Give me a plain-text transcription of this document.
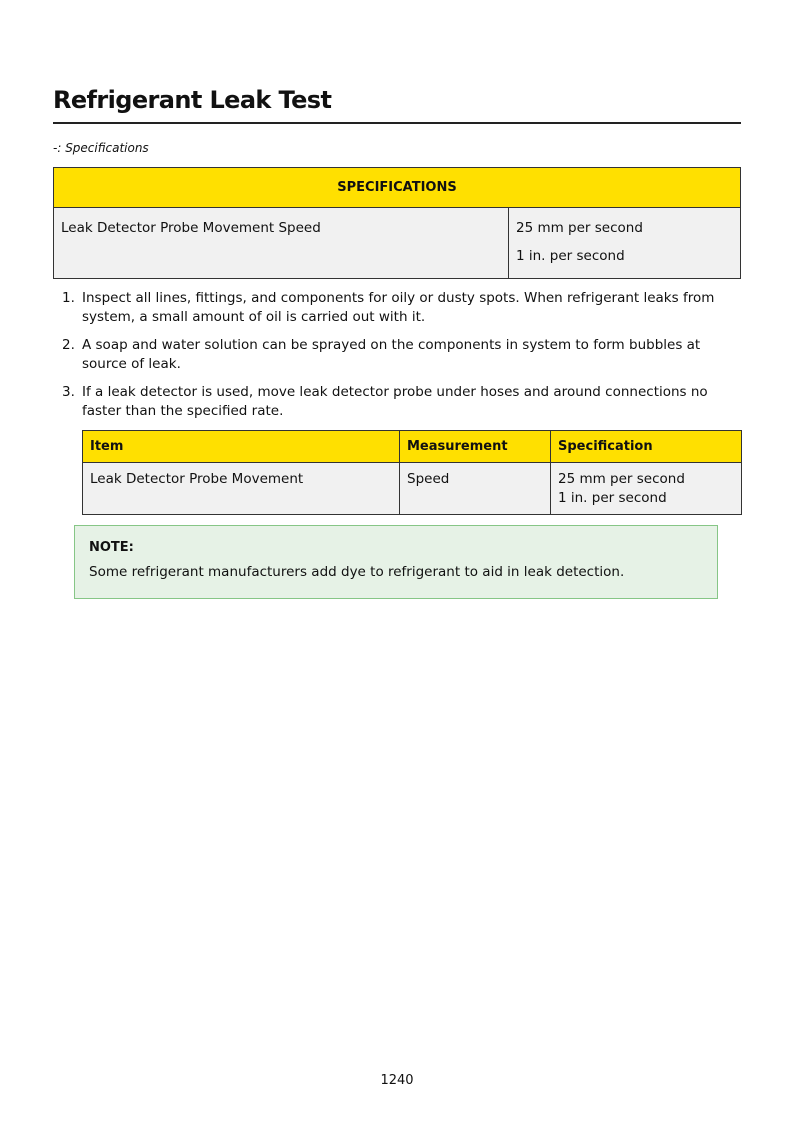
Refrigerant Leak Test
-: Specifications
SPECIFICATIONS

Leak Detector Probe Movement Speed	25 mm per second
1 in. per second
1. Inspect all lines, fittings, and components for oily or dusty spots. When refrigerant leaks from system, a small amount of oil is carried out with it.
2. A soap and water solution can be sprayed on the components in system to form bubbles at source of leak.
3. If a leak detector is used, move leak detector probe under hoses and around connections no faster than the specified rate.
Item	Measurement	Specification
Leak Detector Probe Movement	Speed	25 mm per second
1 in. per second
NOTE:
Some refrigerant manufacturers add dye to refrigerant to aid in leak detection.
1240
